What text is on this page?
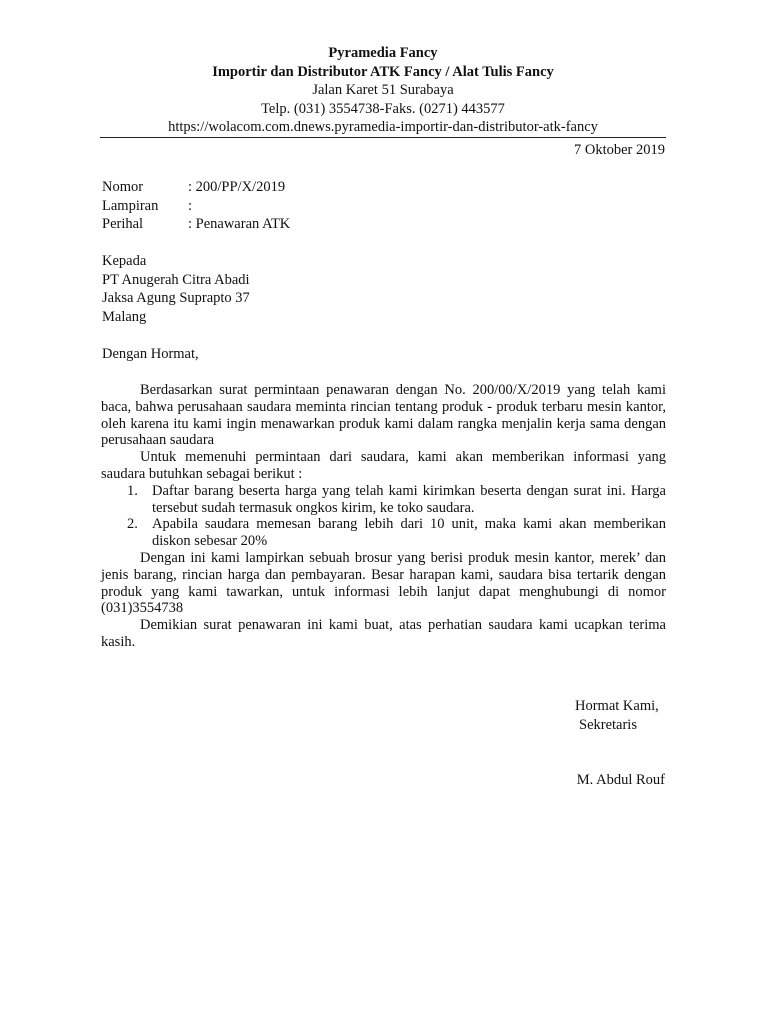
Pyramedia Fancy
Importir dan Distributor ATK Fancy / Alat Tulis Fancy
Jalan Karet 51 Surabaya
Telp. (031) 3554738-Faks. (0271) 443577
https://wolacom.com.dnews.pyramedia-importir-dan-distributor-atk-fancy
7 Oktober 2019
Nomor	: 200/PP/X/2019
Lampiran	:
Perihal	: Penawaran ATK
Kepada
PT Anugerah Citra Abadi
Jaksa Agung Suprapto 37
Malang
Dengan Hormat,

Berdasarkan surat permintaan penawaran dengan No. 200/00/X/2019 yang telah kami baca, bahwa perusahaan saudara meminta rincian tentang produk - produk terbaru mesin kantor, oleh karena itu kami ingin menawarkan produk kami dalam rangka menjalin kerja sama dengan perusahaan saudara

Untuk memenuhi permintaan dari saudara, kami akan memberikan informasi yang saudara butuhkan sebagai berikut :

1. Daftar barang beserta harga yang telah kami kirimkan beserta dengan surat ini. Harga tersebut sudah termasuk ongkos kirim, ke toko saudara.
2. Apabila saudara memesan barang lebih dari 10 unit, maka kami akan memberikan diskon sebesar 20%

Dengan ini kami lampirkan sebuah brosur yang berisi produk mesin kantor, merek’ dan jenis barang, rincian harga dan pembayaran. Besar harapan kami, saudara bisa tertarik dengan produk yang kami tawarkan, untuk informasi lebih lanjut dapat menghubungi di nomor (031)3554738

Demikian surat penawaran ini kami buat, atas perhatian saudara kami ucapkan terima kasih.

Hormat Kami,
Sekretaris
M. Abdul Rouf
